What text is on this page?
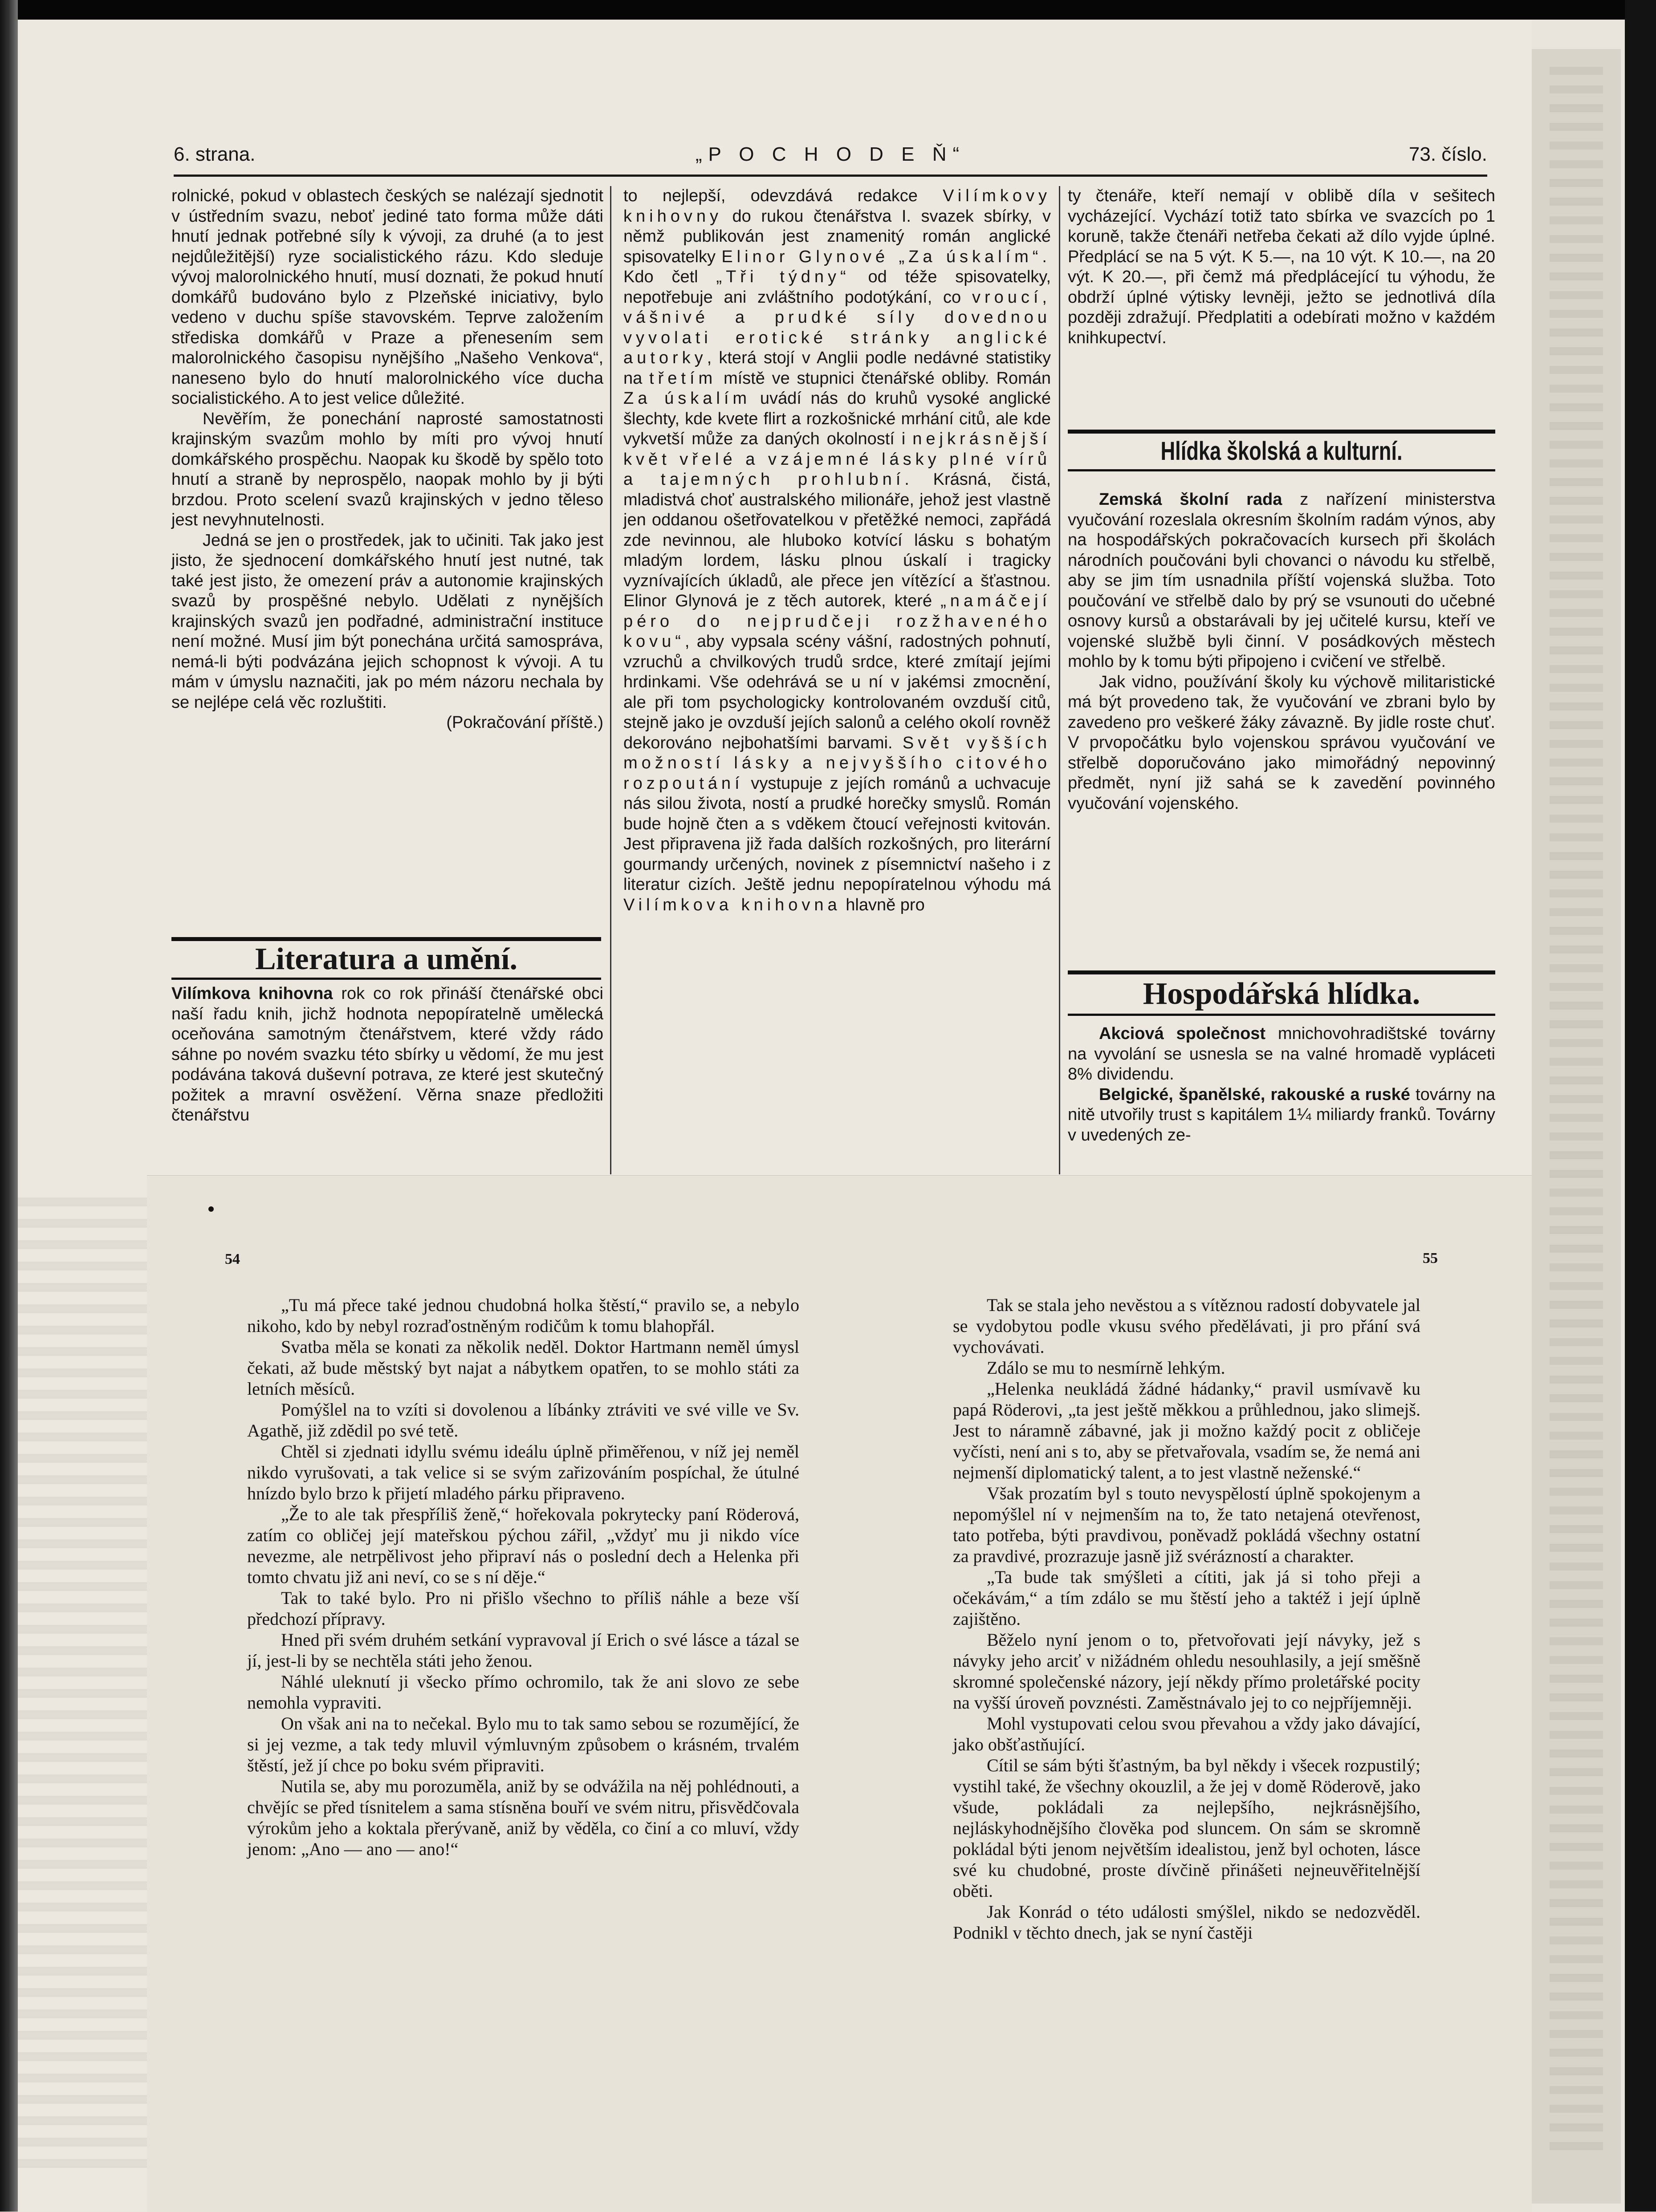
6. strana.	„P O C H O D E Ň“	73. číslo.

rolnické, pokud v oblastech českých se nalézají sjednotit v ústředním svazu, neboť jediné tato forma může dáti hnutí jednak potřebné síly k vývoji, za druhé (a to jest nejdůležitější) ryze socialistického rázu. Kdo sleduje vývoj malorolnického hnutí, musí doznati, že pokud hnutí domkářů budováno bylo z Plzeňské iniciativy, bylo vedeno v duchu spíše stavovském. Teprve založením střediska domkářů v Praze a přenesením sem malorolnického časopisu nynějšího „Našeho Venkova“, naneseno bylo do hnutí malorolnického více ducha socialistického. A to jest velice důležité.

Nevěřím, že ponechání naprosté samostatnosti krajinským svazům mohlo by míti pro vývoj hnutí domkářského prospěchu. Naopak ku škodě by spělo toto hnutí a straně by neprospělo, naopak mohlo by ji býti brzdou. Proto scelení svazů krajinských v jedno těleso jest nevyhnutelnosti.

Jedná se jen o prostředek, jak to učiniti. Tak jako jest jisto, že sjednocení domkářského hnutí jest nutné, tak také jest jisto, že omezení práv a autonomie krajinských svazů by prospěšné nebylo. Udělati z nynějších krajinských svazů jen podřadné, administrační instituce není možné. Musí jim být ponechána určitá samospráva, nemá-li býti podvázána jejich schopnost k vývoji. A tu mám v úmyslu naznačiti, jak po mém názoru nechala by se nejlépe celá věc rozluštiti.

(Pokračování příště.)

Literatura a umění.

Vilímkova knihovna rok co rok přináší čtenářské obci naší řadu knih, jichž hodnota nepopíratelně umělecká oceňována samotným čtenářstvem, které vždy rádo sáhne po novém svazku této sbírky u vědomí, že mu jest podávána taková duševní potrava, ze které jest skutečný požitek a mravní osvěžení. Věrna snaze předložiti čtenářstvu

to nejlepší, odevzdává redakce Vilímkovy knihovny do rukou čtenářstva I. svazek sbírky, v němž publikován jest znamenitý román anglické spisovatelky Elinor Glynové „Za úskalím“. Kdo četl „Tři týdny“ od téže spisovatelky, nepotřebuje ani zvláštního podotýkání, co vroucí, vášnivé a prudké síly dovednou vyvolati erotické stránky anglické autorky, která stojí v Anglii podle nedávné statistiky na třetím místě ve stupnici čtenářské obliby. Román Za úskalím uvádí nás do kruhů vysoké anglické šlechty, kde kvete flirt a rozkošnické mrhání citů, ale kde vykvetší může za daných okolností i nejkrásnější květ vřelé a vzájemné lásky plné vírů a tajemných prohlubní. Krásná, čistá, mladistvá choť australského milionáře, jehož jest vlastně jen oddanou ošetřovatelkou v přetěžké nemoci, zapřádá zde nevinnou, ale hluboko kotvící lásku s bohatým mladým lordem, lásku plnou úskalí i tragicky vyznívajících úkladů, ale přece jen vítězící a šťastnou. Elinor Glynová je z těch autorek, které „namáčejí péro do nejprudčeji rozžhaveného kovu“, aby vypsala scény vášní, radostných pohnutí, vzruchů a chvilkových trudů srdce, které zmítají jejími hrdinkami. Vše odehrává se u ní v jakémsi zmocnění, ale při tom psychologicky kontrolovaném ovzduší citů, stejně jako je ovzduší jejích salonů a celého okolí rovněž dekorováno nejbohatšími barvami. Svět vyšších možností lásky a nejvyššího citového rozpoutání vystupuje z jejích románů a uchvacuje nás silou života, ností a prudké horečky smyslů. Román bude hojně čten a s vděkem čtoucí veřejnosti kvitován. Jest připravena již řada dalších rozkošných, pro literární gourmandy určených, novinek z písemnictví našeho i z literatur cizích. Ještě jednu nepopíratelnou výhodu má Vilímkova knihovna hlavně pro

ty čtenáře, kteří nemají v oblibě díla v sešitech vycházející. Vychází totiž tato sbírka ve svazcích po 1 koruně, takže čtenáři netřeba čekati až dílo vyjde úplné. Předplácí se na 5 výt. K 5.—, na 10 výt. K 10.—, na 20 výt. K 20.—, při čemž má předplácející tu výhodu, že obdrží úplné výtisky levněji, ježto se jednotlivá díla později zdražují. Předplatiti a odebírati možno v každém knihkupectví.

Hlídka školská a kulturní.

Zemská školní rada z nařízení ministerstva vyučování rozeslala okresním školním radám výnos, aby na hospodářských pokračovacích kursech při školách národních poučováni byli chovanci o návodu ku střelbě, aby se jim tím usnadnila příští vojenská služba. Toto poučování ve střelbě dalo by prý se vsunouti do učebné osnovy kursů a obstarávali by jej učitelé kursu, kteří ve vojenské službě byli činní. V posádkových městech mohlo by k tomu býti připojeno i cvičení ve střelbě.

Jak vidno, používání školy ku výchově militaristické má být provedeno tak, že vyučování ve zbrani bylo by zavedeno pro veškeré žáky závazně. By jidle roste chuť. V prvopočátku bylo vojenskou správou vyučování ve střelbě doporučováno jako mimořádný nepovinný předmět, nyní již sahá se k zavedění povinného vyučování vojenského.

Hospodářská hlídka.

Akciová společnost mnichovohradištské továrny na vyvolání se usnesla se na valné hromadě vypláceti 8% dividendu.

Belgické, španělské, rakouské a ruské továrny na nitě utvořily trust s kapitálem 1¼ miliardy franků. Továrny v uvedených ze-

54	55

„Tu má přece také jednou chudobná holka štěstí,“ pravilo se, a nebylo nikoho, kdo by nebyl rozraďostněným rodičům k tomu blahopřál.

Svatba měla se konati za několik neděl. Doktor Hartmann neměl úmysl čekati, až bude městský byt najat a nábytkem opatřen, to se mohlo státi za letních měsíců.

Pomýšlel na to vzíti si dovolenou a líbánky ztráviti ve své ville ve Sv. Agathě, již zdědil po své tetě.

Chtěl si zjednati idyllu svému ideálu úplně přiměřenou, v níž jej neměl nikdo vyrušovati, a tak velice si se svým zařizováním pospíchal, že útulné hnízdo bylo brzo k přijetí mladého párku připraveno.

„Že to ale tak přespříliš ženě,“ hořekovala pokrytecky paní Röderová, zatím co obličej její mateřskou pýchou zářil, „vždyť mu ji nikdo více nevezme, ale netrpělivost jeho připraví nás o poslední dech a Helenka při tomto chvatu již ani neví, co se s ní děje.“

Tak to také bylo. Pro ni přišlo všechno to příliš náhle a beze vší předchozí přípravy.

Hned při svém druhém setkání vypravoval jí Erich o své lásce a tázal se jí, jest-li by se nechtěla státi jeho ženou.

Náhlé uleknutí ji všecko přímo ochromilo, tak že ani slovo ze sebe nemohla vypraviti.

On však ani na to nečekal. Bylo mu to tak samo sebou se rozumějící, že si jej vezme, a tak tedy mluvil výmluvným způsobem o krásném, trvalém štěstí, jež jí chce po boku svém připraviti.

Nutila se, aby mu porozuměla, aniž by se odvážila na něj pohlédnouti, a chvějíc se před tísnitelem a sama stísněna bouří ve svém nitru, přisvědčovala výrokům jeho a koktala přerývaně, aniž by věděla, co činí a co mluví, vždy jenom: „Ano — ano — ano!“

Tak se stala jeho nevěstou a s vítěznou radostí dobyvatele jal se vydobytou podle vkusu svého předělávati, ji pro přání svá vychovávati.

Zdálo se mu to nesmírně lehkým.

„Helenka neukládá žádné hádanky,“ pravil usmívavě ku papá Röderovi, „ta jest ještě měkkou a průhlednou, jako slimejš. Jest to náramně zábavné, jak ji možno každý pocit z obličeje vyčísti, není ani s to, aby se přetvařovala, vsadím se, že nemá ani nejmenší diplomatický talent, a to jest vlastně neženské.“

Však prozatím byl s touto nevyspělostí úplně spokojenym a nepomýšlel ní v nejmenším na to, že tato netajená otevřenost, tato potřeba, býti pravdivou, poněvadž pokládá všechny ostatní za pravdivé, prozrazuje jasně již svérázností a charakter.

„Ta bude tak smýšleti a cítiti, jak já si toho přeji a očekávám,“ a tím zdálo se mu štěstí jeho a taktéž i její úplně zajištěno.

Běželo nyní jenom o to, přetvořovati její návyky, jež s návyky jeho arciť v nižádném ohledu nesouhlasily, a její směšně skromné společenské názory, její někdy přímo proletářské pocity na vyšší úroveň povznésti. Zaměstnávalo jej to co nejpříjemněji.

Mohl vystupovati celou svou převahou a vždy jako dávající, jako obšťastňující.

Cítil se sám býti šťastným, ba byl někdy i všecek rozpustilý; vystihl také, že všechny okouzlil, a že jej v domě Röderově, jako všude, pokládali za nejlepšího, nejkrásnějšího, nejláskyhodnějšího člověka pod sluncem. On sám se skromně pokládal býti jenom největším idealistou, jenž byl ochoten, lásce své ku chudobné, proste dívčině přinášeti nejneuvěřitelnější oběti.

Jak Konrád o této události smýšlel, nikdo se nedozvěděl. Podnikl v těchto dnech, jak se nyní častěji
